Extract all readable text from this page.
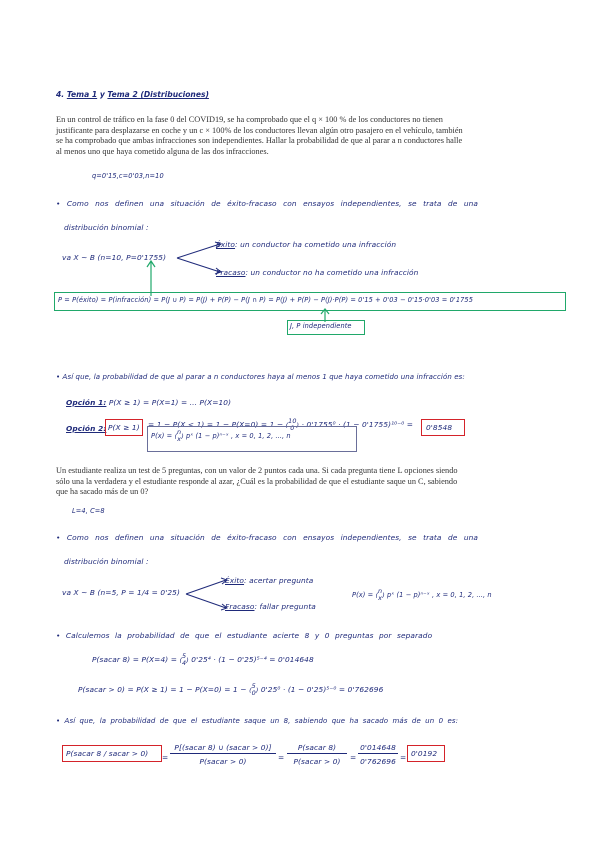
4. Tema 1 y Tema 2 (Distribuciones)
En un control de tráfico en la fase 0 del COVID19, se ha comprobado que el q × 100 % de los conductores no tienen justificante para desplazarse en coche y un c × 100% de los conductores llevan algún otro pasajero en el vehículo, también se ha comprobado que ambas infracciones son independientes. Hallar la probabilidad de que al parar a n conductores halle al menos uno que haya cometido alguna de las dos infracciones.
q=0'15,c=0'03,n=10
• Como nos definen una situación de éxito-fracaso con ensayos independientes, se trata de una
distribución binomial :
va X ~ B (n=10, P=0'1755)
Éxito: un conductor ha cometido una infracción
Fracaso: un conductor no ha cometido una infracción
P = P(éxito) = P(infracción) = P(J ∪ P) = P(J) + P(P) − P(J ∩ P) = P(J) + P(P) − P(J)·P(P) = 0'15 + 0'03 − 0'15·0'03 = 0'1755
J, P independiente
• Así que, la probabilidad de que al parar a n conductores haya al menos 1 que haya cometido una infracción es:
Opción 1: P(X ≥ 1) = P(X=1) = ... P(X=10)
Opción 2: P(X ≥ 1) = 1 − P(X < 1) = 1 − P(X=0) = 1 − (10
0 ) · 0'1755⁰ · (1 − 0'1755)¹⁰⁻⁰ = 0'8548
P(x) = (n
x) pˣ (1 − p)ⁿ⁻ˣ , x = 0, 1, 2, ..., n
Un estudiante realiza un test de 5 preguntas, con un valor de 2 puntos cada una. Si cada pregunta tiene L opciones siendo sólo una la verdadera y el estudiante responde al azar, ¿Cuál es la probabilidad de que el estudiante saque un C, sabiendo que ha sacado más de un 0?
L=4, C=8
• Como nos definen una situación de éxito-fracaso con ensayos independientes, se trata de una
distribución binomial :
va X ~ B (n=5, P = 1/4 = 0'25)
Éxito: acertar pregunta
Fracaso: fallar pregunta
P(x) = (n
x) pˣ (1 − p)ⁿ⁻ˣ , x = 0, 1, 2, ..., n
• Calculemos la probabilidad de que el estudiante acierte 8 y 0 preguntas por separado
P(sacar 8) = P(X=4) = (5
4) 0'25⁴ · (1 − 0'25)⁵⁻⁴ = 0'014648
P(sacar > 0) = P(X ≥ 1) = 1 − P(X=0) = 1 − (5
0) 0'25⁰ · (1 − 0'25)⁵⁻⁰ = 0'762696
• Así que, la probabilidad de que el estudiante saque un 8, sabiendo que ha sacado más de un 0 es:
P(sacar 8 / sacar > 0) =
P[(sacar 8) ∪ (sacar > 0)]
P(sacar > 0)	=
P(sacar 8)
P(sacar > 0)	= $\frac{0'014648}{0'762696} = 0'0192$
